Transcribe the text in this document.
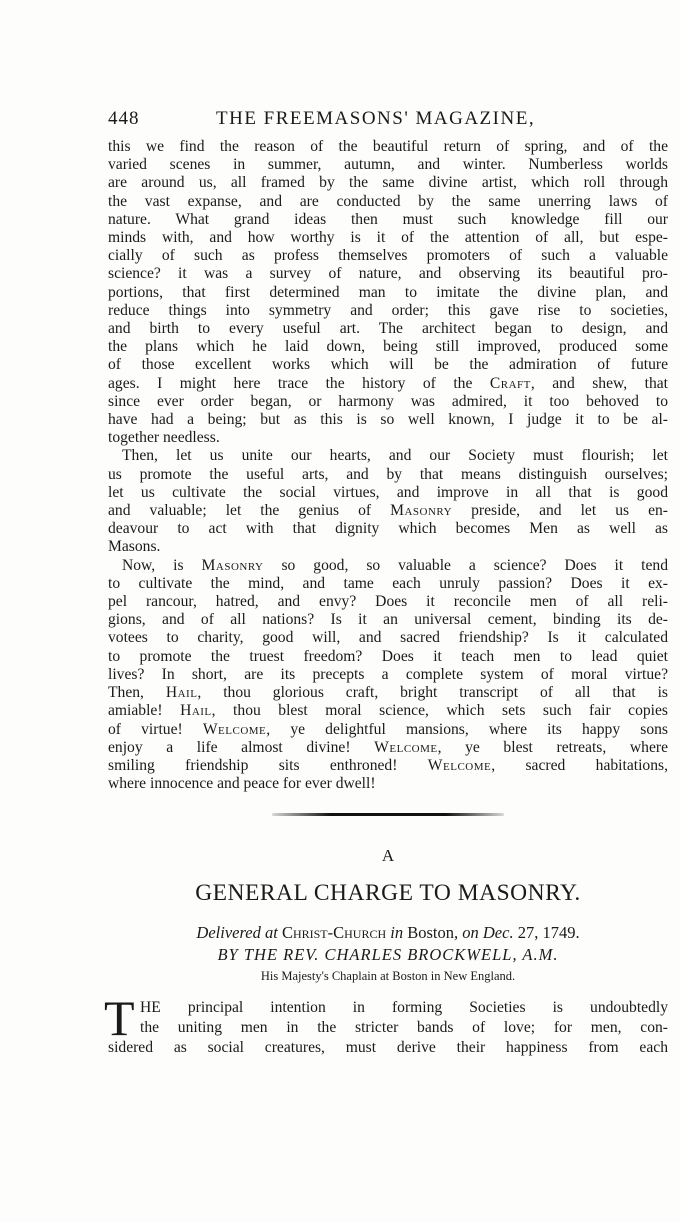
448	THE FREEMASONS' MAGAZINE,

this we find the reason of the beautiful return of spring, and of the
varied scenes in summer, autumn, and winter. Numberless worlds
are around us, all framed by the same divine artist, which roll through
the vast expanse, and are conducted by the same unerring laws of
nature. What grand ideas then must such knowledge fill our
minds with, and how worthy is it of the attention of all, but espe-
cially of such as profess themselves promoters of such a valuable
science? it was a survey of nature, and observing its beautiful pro-
portions, that first determined man to imitate the divine plan, and
reduce things into symmetry and order; this gave rise to societies,
and birth to every useful art. The architect began to design, and
the plans which he laid down, being still improved, produced some
of those excellent works which will be the admiration of future
ages. I might here trace the history of the Craft, and shew, that
since ever order began, or harmony was admired, it too behoved to
have had a being; but as this is so well known, I judge it to be al-
together needless.

Then, let us unite our hearts, and our Society must flourish; let
us promote the useful arts, and by that means distinguish ourselves;
let us cultivate the social virtues, and improve in all that is good
and valuable; let the genius of Masonry preside, and let us en-
deavour to act with that dignity which becomes Men as well as
Masons.

Now, is Masonry so good, so valuable a science? Does it tend
to cultivate the mind, and tame each unruly passion? Does it ex-
pel rancour, hatred, and envy? Does it reconcile men of all reli-
gions, and of all nations? Is it an universal cement, binding its de-
votees to charity, good will, and sacred friendship? Is it calculated
to promote the truest freedom? Does it teach men to lead quiet
lives? In short, are its precepts a complete system of moral virtue?
Then, Hail, thou glorious craft, bright transcript of all that is
amiable! Hail, thou blest moral science, which sets such fair copies
of virtue! Welcome, ye delightful mansions, where its happy sons
enjoy a life almost divine! Welcome, ye blest retreats, where
smiling friendship sits enthroned! Welcome, sacred habitations,
where innocence and peace for ever dwell!

A
GENERAL CHARGE TO MASONRY.
Delivered at Christ-Church in Boston, on Dec. 27, 1749.
BY THE REV. CHARLES BROCKWELL, A.M.
His Majesty's Chaplain at Boston in New England.
T HE principal intention in forming Societies is undoubtedly
the uniting men in the stricter bands of love; for men, con-
sidered as social creatures, must derive their happiness from each
